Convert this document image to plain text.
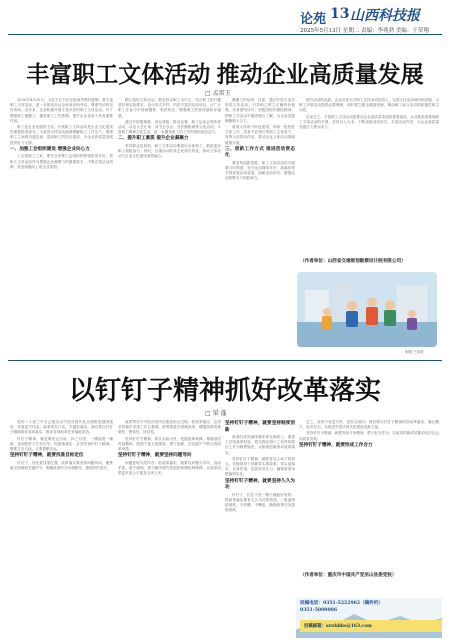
论苑 13 山西科技报
2025年5月13日 星期二 责编：李兆勃 美编：王荣翔
丰富职工文体活动 推动企业高质量发展
□ 孟雷玉

2020年4月20日，习近平总书记在陕西考察时强调：要丰富职工文体活动，进一步推动全社会形成崇尚劳动、尊重劳动的良好风尚。近年来，企业积极开展丰富多彩的职工文体活动，对于增强职工凝聚力、激发职工工作热情、提升企业竞争力具有重要作用。

职工是企业发展的主体，开展职工文体活动是企业文化建设的重要组成部分。丰富的文体活动能够缓解职工工作压力，增进职工之间的沟通交流，提高职工的综合素质，为企业高质量发展提供有力支撑。

一、加强工会组织建设 增强企业向心力

工会是职工之家，要充分发挥工会组织的桥梁纽带作用，把职工文体活动作为增强企业凝聚力的重要抓手，不断完善活动机制，营造积极向上的企业氛围。

精心组织文体活动，要坚持以职工为中心，结合职工的兴趣爱好和实际需求，设计形式多样、内容丰富的活动项目，让广大职工在参与中得到锻炼、收获快乐，增强职工的获得感和幸福感。

通过开展篮球赛、羽毛球赛、拔河比赛、职工运动会等体育活动，以及文艺汇演、读书分享会、书法摄影展等文化活动，丰富职工精神文化生活，进一步激发职工的工作热情和创造活力。

二、提升职工素质 提升企业凝聚力

坚持群众性原则，职工文体活动要面向全体职工，鼓励更多职工积极参与。同时，注重活动的常态化和长效化，推动文体活动与企业文化建设深度融合。

凝聚力的培养，比如，通过开展丰富多彩的文体活动，引导职工树立正确的价值观，培育团结协作、积极进取的团队精神，使职工在活动中增进相互了解，为企业发展凝聚强大合力。

重视文体骨干队伍建设，培养一批热爱文体工作、具有专业特长的职工文体骨干，发挥示范带动作用，推动企业文体活动持续健康开展。

三、创新工作方式 推进活动常态化

要坚持创新思维，职工文体活动的开展要与时俱进，充分运用网络平台、新媒体等手段拓宽活动渠道，创新活动形式，增强活动的吸引力和影响力。

提升活动的品质，企业应加大对职工文体活动的投入，完善文体活动场所和设施，为职工开展活动提供必要保障，同时建立健全激励机制，调动职工参与活动的积极性和主动性。

总而言之，丰富职工文体活动是推动企业高质量发展的重要途径。企业要高度重视职工文体活动的开展，坚持以人为本，不断创新活动形式，丰富活动内容，为企业高质量发展注入强大动力。

（作者单位：山西省交通规划勘察设计院有限公司）
制图 王裕琦
以钉钉子精神抓好改革落实
□ 梁 蓬

党的二十届三中全会提出以中国式现代化全面推进强国建设、民族复兴伟业。改革贵在行动，关键在落实。我们要以钉钉子精神抓好改革落实，推动各项改革任务落地见效。

钉钉子精神，就是要咬定目标、持之以恒，一锤接着一锤敲，直到把钉子钉实钉牢。抓改革落实，必须发扬钉钉子精神，既要立足当前，又要着眼长远。

坚持钉钉子精神，就要找准目标定位

钉钉子，首先要找准位置。改革落实要坚持问题导向，聚焦重点领域和关键环节，明确改革的方向和路径，做到有的放矢。

改革贯穿于中国式现代化建设的全过程。抓改革落实，必须坚持稳中求进工作总基调，统筹推进各领域改革，增强改革的系统性、整体性、协同性。

坚持钉钉子精神，要从实际出发，把握改革规律，尊重基层首创精神，鼓励干部大胆探索、勇于创新，在实践中不断完善改革举措。

坚持钉钉子精神，就要坚持问题导向

问题是时代的声音。抓改革落实，就要以问题为导向，直面矛盾，敢于碰硬，着力解决制约发展的体制机制障碍，让改革成果更多更公平惠及全体人民。

坚持钉钉子精神，就要坚持制度创新

改革的成效最终要体现在制度上。要善于总结改革经验，把实践证明行之有效的做法上升为制度规范，以制度创新推动改革落实。

坚持钉钉子精神，就要有以上率下的担当。各级领导干部要带头抓改革、带头促落实，以身作则，层层传导压力，确保改革举措落到实处。

坚持钉钉子精神，就要坚持久久为功

钉钉子，往往不是一锤子就能钉好的。抓改革落实要有久久为功的韧劲，一张蓝图绘到底，不折腾、不懈怠，确保改革任务善始善终。

总之，改革只有进行时，没有完成时。我们要以钉钉子精神抓好改革落实，凝心聚力、奋发有为，为推进中国式现代化建设贡献力量。

坚持钉钉子精神，就要发扬斗争精神，勇于担当作为，以改革的新成效推动经济社会高质量发展。

坚持钉钉子精神，就要形成工作合力
（作者单位：重庆市中国共产党巫山县委党校）
投稿电话：0351-5222962（稿件约）
0351-5000006
投稿邮箱：sxwkbbs@163.com
